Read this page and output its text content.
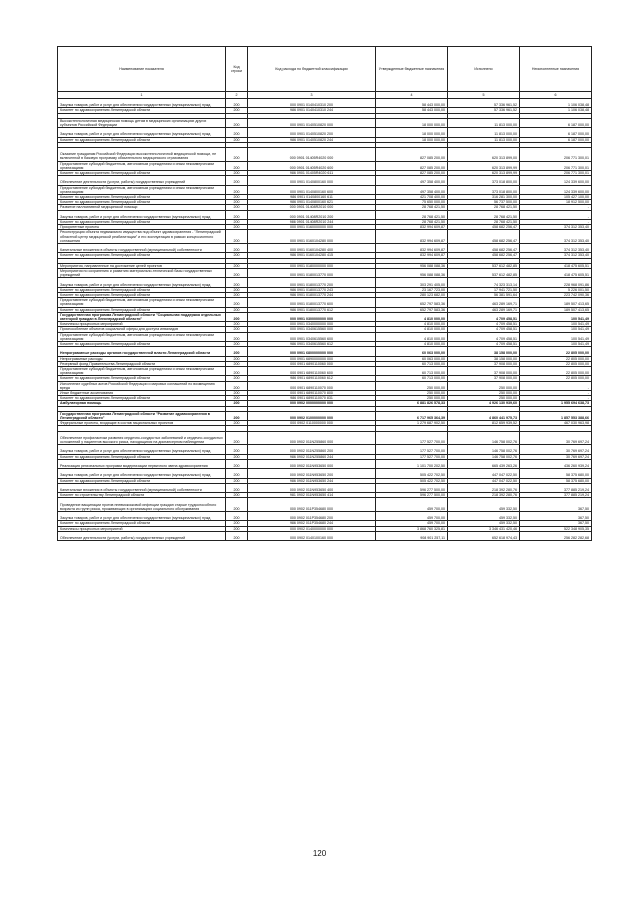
Наименование показателя	Код строки	Код расхода по бюджетной классификации	Утвержденные бюджетные назначения	Исполнено	Неисполненные назначения
1	2	3	4	5	6
Закупка товаров, работ и услуг для обеспечения государственных (муниципальных) нужд	200	000 0901 0140410310 200	58 443 000,00	57 336 961,52	1 106 038,48
Комитет по здравоохранению Ленинградской области	200	986 0901 0140410310 244	58 443 000,00	57 336 961,52	1 106 038,48

Высокотехнологичная медицинская помощь детям в медицинских организациях других субъектов Российской Федерации	200	000 0901 0140510820 000	18 000 000,00	11 813 000,00	6 187 000,00
Закупка товаров, работ и услуг для обеспечения государственных (муниципальных) нужд	200	000 0901 0140510820 200	18 000 000,00	11 813 000,00	6 187 000,00
Комитет по здравоохранению Ленинградской области	200	986 0901 0140510820 244	18 000 000,00	11 813 000,00	6 187 000,00

Оказание гражданам Российской Федерации высокотехнологичной медицинской помощи, не включенной в базовую программу обязательного медицинского страхования	200	000 0901 01405R4020 000	827 085 200,00	620 313 899,00	206 771 300,01
Предоставление субсидий бюджетным, автономным учреждениям и иным некоммерческим организациям	200	000 0901 01405R4020 600	827 085 200,00	620 313 899,99	206 771 300,01
Комитет по здравоохранению Ленинградской области	200	986 0901 01405R4020 611	827 085 200,00	620 313 899,99	206 771 300,01
Обеспечение деятельности (услуги, работы) государственных учреждений	200	000 0901 0140800160 000	497 358 400,00	373 018 800,00	124 339 600,00
Предоставление субсидий бюджетным, автономным учреждениям и иным некоммерческим организациям	200	000 0901 0140800160 600	497 358 400,00	373 018 800,00	124 339 600,00
Комитет по здравоохранению Ленинградской области	200	986 0901 0140800160 611	421 708 400,00	316 281 300,00	105 427 100,00
Комитет по здравоохранению Ленинградской области	200	986 0901 0140800160 621	75 650 000,00	56 737 500,00	18 912 500,00
Развитие паллиативной медицинской помощи	200	000 0901 01408R2010 000	28 768 421,50	28 768 421,50	-
Закупка товаров, работ и услуг для обеспечения государственных (муниципальных) нужд	200	000 0901 01408R2010 200	28 768 421,50	28 768 421,50	-
Комитет по здравоохранению Ленинградской области	200	986 0901 01408R2010 244	28 768 421,50	28 768 421,50	-
Приоритетные проекты	200	000 0901 0160000000 000	832 994 609,87	458 682 256,47	374 312 353,40
Реконструкция объекта недвижимого имущества под объект здравоохранения - "Ленинградский областной центр медицинской реабилитации" и его эксплуатация в рамках концессионного соглашения	200	000 0901 0160104280 000	832 994 609,87	458 682 256,47	374 312 353,40
Капитальные вложения в объекты государственной (муниципальной) собственности	200	000 0901 0160104280 400	832 994 609,87	458 682 256,47	374 312 353,40
Комитет по здравоохранению Ленинградской области	200	986 0901 0160104280 415	832 994 609,87	458 682 256,47	374 312 353,40

Мероприятия, направленные на достижение целей проектов	200	000 0901 0180000000 000	956 088 088,36	537 612 482,85	418 475 605,51
Мероприятия по сохранению и развитию материально-технической базы государственных учреждений	200	000 0901 0180013770 000	956 088 088,36	537 612 482,85	418 475 605,51
Закупка товаров, работ и услуг для обеспечения государственных (муниципальных) нужд	200	000 0901 0180013770 200	303 291 405,00	74 323 313,14	228 968 091,86
Комитет по здравоохранению Ленинградской области	200	986 0901 0180013770 243	23 167 723,00	17 941 721,50	5 226 001,50
Комитет по здравоохранению Ленинградской области	200	986 0901 0180013770 244	280 123 682,00	56 381 591,64	223 742 090,36
Предоставление субсидий бюджетным, автономным учреждениям и иным некоммерческим организациям	200	000 0901 0180013770 600	652 797 583,36	463 289 169,71	189 507 413,65
Комитет по здравоохранению Ленинградской области	200	986 0901 0180013770 612	652 797 583,36	463 289 169,71	189 507 413,65
Государственная программа Ленинградской области "Социальная поддержка отдельных категорий граждан в Ленинградской области"	200	000 0901 0300000000 000	4 810 000,00	4 709 458,51	100 541,49
Комплексы процессных мероприятий	200	000 0901 0340000000 000	4 810 000,00	4 709 458,51	100 541,49
Приспособление объектов социальной сферы для доступа инвалидов	200	000 0901 0340615560 000	4 810 000,00	4 709 458,51	100 541,49
Предоставление субсидий бюджетным, автономным учреждениям и иным некоммерческим организациям	200	000 0901 0340615560 600	4 810 000,00	4 709 458,51	100 541,49
Комитет по здравоохранению Ленинградской области	200	986 0901 0340615560 612	4 810 000,00	4 709 458,51	100 541,49
Непрограммные расходы органов государственной власти Ленинградской области	200	000 0901 6800000000 000	60 063 000,00	38 158 000,00	22 805 000,00
Непрограммные расходы	200	000 0901 6890000000 000	60 063 000,00	38 158 000,00	22 805 000,00
Резервный фонд Правительства Ленинградской области	200	000 0901 6890110060 000	60 713 000,00	37 908 000,00	22 805 000,00
Предоставление субсидий бюджетным, автономным учреждениям и иным некоммерческим организациям	200	000 0901 6890110060 600	60 713 000,00	37 908 000,00	22 805 000,00
Комитет по здравоохранению Ленинградской области	200	986 0901 6890110060 612	60 713 000,00	37 908 000,00	22 805 000,00
Исполнение судебных актов Российской Федерации и мировых соглашений по возмещению вреда	200	000 0901 6890110070 000	250 000,00	250 000,00	-
Иные бюджетные ассигнования	200	000 0901 6890110070 800	250 000,00	250 000,00	-
Комитет по здравоохранению Ленинградской области	200	986 0901 6890110070 831	250 000,00	250 000,00	-
Амбулаторная помощь	200	000 0902 0000000000 000	6 881 826 578,33	4 926 130 939,60	1 955 694 638,73

Государственная программа Ленинградской области "Развитие здравоохранения в Ленинградской области"	200	000 0902 0100000000 000	6 717 965 364,39	4 860 441 975,73	1 857 553 388,66
Федеральные проекты, входящие в состав национальных проектов	200	000 0902 0110000000 000	1 279 687 902,50	812 659 939,52	467 030 963,98

Обеспечение профилактики развития сердечно-сосудистых заболеваний и сердечно-сосудистых осложнений у пациентов высокого риска, находящихся на диспансерном наблюдении	200	000 0902 011N255860 000	177 527 700,00	146 758 002,76	30 769 697,24
Закупка товаров, работ и услуг для обеспечения государственных (муниципальных) нужд	200	000 0902 011N255860 200	177 527 700,00	146 758 002,76	30 769 697,24
Комитет по здравоохранению Ленинградской области	200	986 0902 011N255860 244	177 527 700,00	146 758 002,76	30 769 697,24
Реализация региональных программ модернизации первичного звена здравоохранения	200	000 0902 011N953650 000	1 101 700 202,50	665 439 263,26	436 260 939,24
Закупка товаров, работ и услуг для обеспечения государственных (муниципальных) нужд	200	000 0902 011N953650 200	505 422 702,50	447 047 022,50	58 375 680,00
Комитет по здравоохранению Ленинградской области	200	986 0902 011N953650 244	505 422 702,50	447 047 022,50	58 375 680,00
Капитальные вложения в объекты государственной (муниципальной) собственности	200	000 0902 011N953650 400	596 277 500,00	218 392 280,76	377 885 219,24
Комитет по строительству Ленинградской области	200	981 0902 011N953650 414	596 277 500,00	218 392 280,76	377 885 219,24
Проведение вакцинации против пневмококковой инфекции граждан старше трудоспособного возраста из групп риска, проживающих в организациях социального обслуживания	200	000 0902 011P354680 000	459 700,00	459 332,50	367,50
Закупка товаров, работ и услуг для обеспечения государственных (муниципальных) нужд	200	000 0902 011P354680 200	459 700,00	459 332,50	367,50
Комитет по здравоохранению Ленинградской области	200	986 0902 011P354680 244	459 700,00	459 332,50	367,50
Комплексы процессных мероприятий	200	000 0902 0140000000 000	3 868 760 325,81	3 346 431 420,46	522 348 905,35
Обеспечение деятельности (услуги, работы) государственных учреждений	200	000 0902 0140100160 000	908 901 257,11	652 618 974,43	256 282 282,68
120
